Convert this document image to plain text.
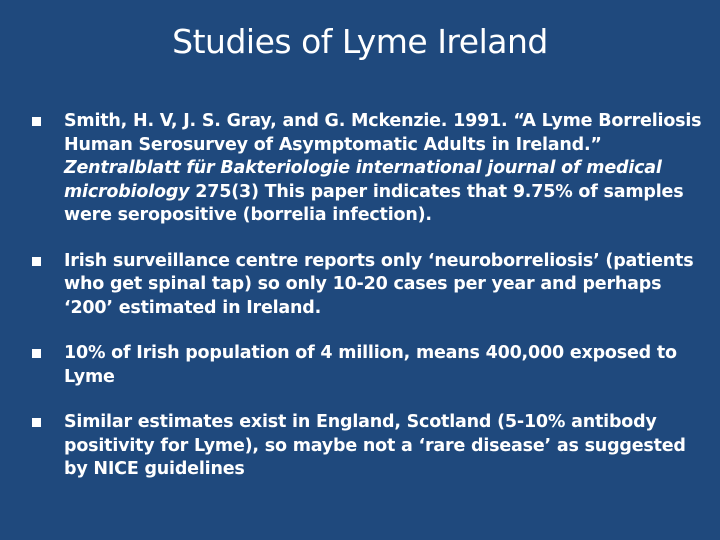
Studies of Lyme Ireland
Smith, H. V, J. S. Gray, and G. Mckenzie. 1991. “A Lyme Borreliosis Human Serosurvey of Asymptomatic Adults in Ireland.” Zentralblatt für Bakteriologie international journal of medical microbiology 275(3) This paper indicates that 9.75% of samples were seropositive (borrelia infection).
Irish surveillance centre reports only ‘neuroborreliosis’ (patients who get spinal tap) so only 10-20 cases per year and perhaps ‘200’ estimated in Ireland.
10% of Irish population of 4 million, means 400,000 exposed to Lyme
Similar estimates exist in England, Scotland (5-10% antibody positivity for Lyme), so maybe not a ‘rare disease’ as suggested by NICE guidelines
